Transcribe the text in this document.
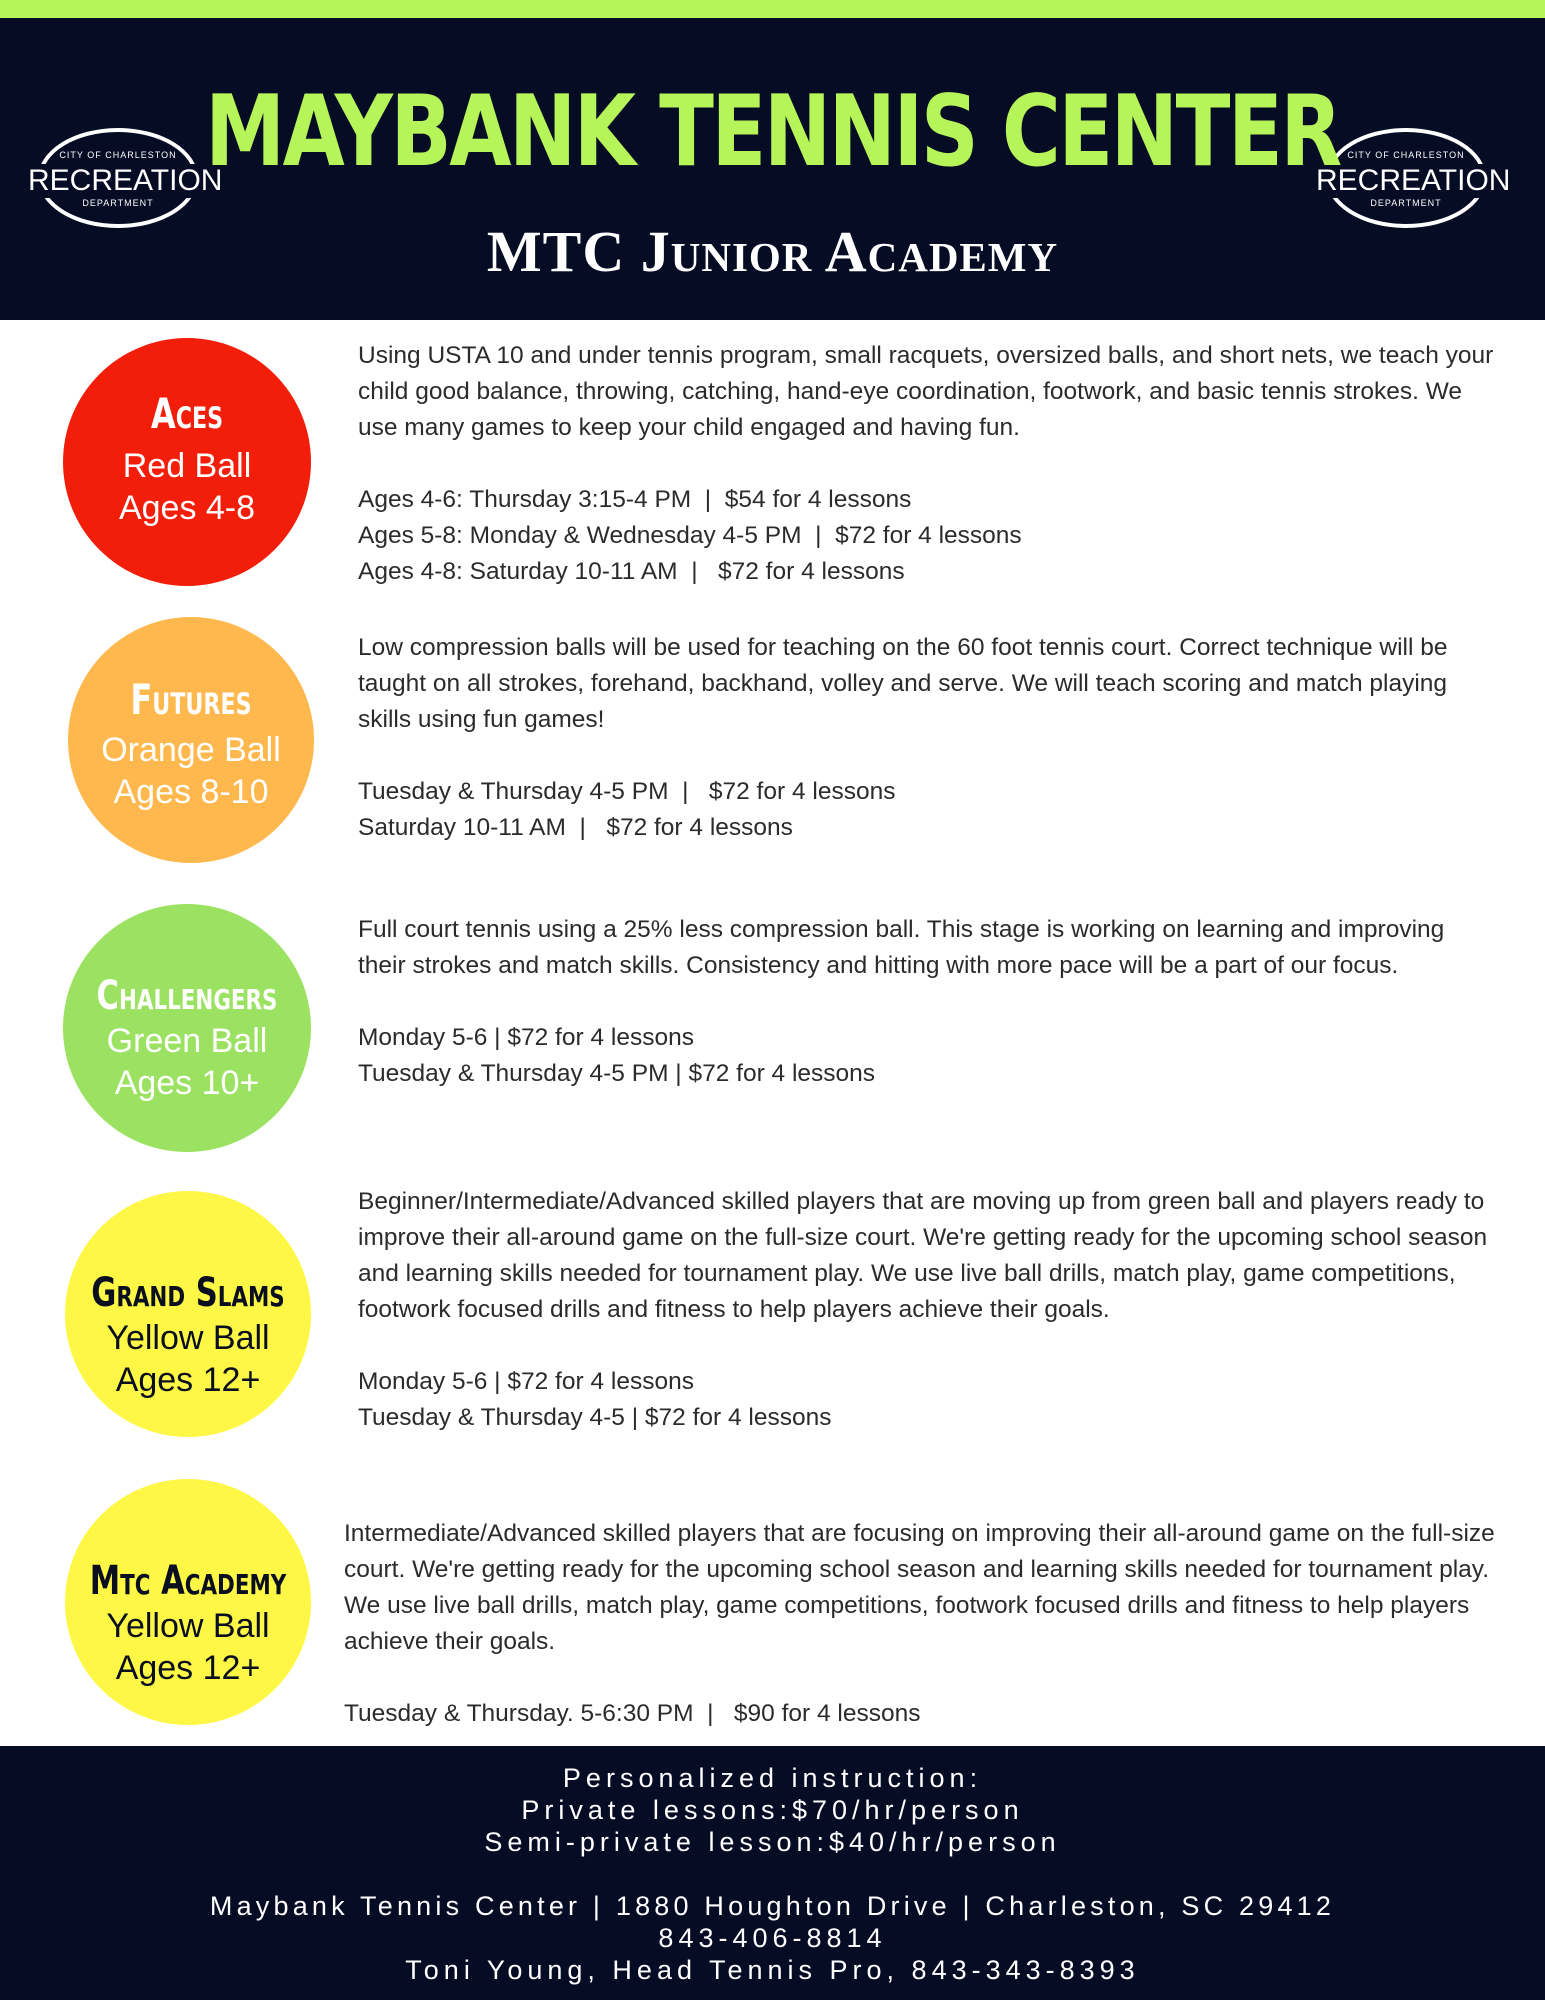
CITY OF CHARLESTON
RECREATION
DEPARTMENT
CITY OF CHARLESTON
RECREATION
DEPARTMENT
MAYBANK TENNIS CENTER
MTC Junior Academy
Aces
Red Ball
Ages 4-8

Using USTA 10 and under tennis program, small racquets, oversized balls, and short nets, we teach your child good balance, throwing, catching, hand-eye coordination, footwork, and basic tennis strokes. We use many games to keep your child engaged and having fun.

Ages 4-6: Thursday 3:15-4 PM  |  $54 for 4 lessons

Ages 5-8: Monday & Wednesday 4-5 PM  |  $72 for 4 lessons

Ages 4-8: Saturday 10-11 AM  |   $72 for 4 lessons

Futures
Orange Ball
Ages 8-10

Low compression balls will be used for teaching on the 60 foot tennis court. Correct technique will be taught on all strokes, forehand, backhand, volley and serve. We will teach scoring and match playing skills using fun games!

Tuesday & Thursday 4-5 PM  |   $72 for 4 lessons

Saturday 10-11 AM  |   $72 for 4 lessons

Challengers
Green Ball
Ages 10+

Full court tennis using a 25% less compression ball. This stage is working on learning and improving their strokes and match skills. Consistency and hitting with more pace will be a part of our focus.

Monday 5-6 | $72 for 4 lessons

Tuesday & Thursday 4-5 PM | $72 for 4 lessons

Grand Slams
Yellow Ball
Ages 12+

Beginner/Intermediate/Advanced skilled players that are moving up from green ball and players ready to improve their all-around game on the full-size court. We're getting ready for the upcoming school season and learning skills needed for tournament play. We use live ball drills, match play, game competitions, footwork focused drills and fitness to help players achieve their goals.

Monday 5-6 | $72 for 4 lessons

Tuesday & Thursday 4-5 | $72 for 4 lessons

Mtc Academy
Yellow Ball
Ages 12+

Intermediate/Advanced skilled players that are focusing on improving their all-around game on the full-size court. We're getting ready for the upcoming school season and learning skills needed for tournament play. We use live ball drills, match play, game competitions, footwork focused drills and fitness to help players achieve their goals.

Tuesday & Thursday. 5-6:30 PM  |   $90 for 4 lessons

Personalized instruction:
Private lessons:$70/hr/person
Semi-private lesson:$40/hr/person
Maybank Tennis Center | 1880 Houghton Drive | Charleston, SC 29412
843-406-8814
Toni Young, Head Tennis Pro, 843-343-8393
